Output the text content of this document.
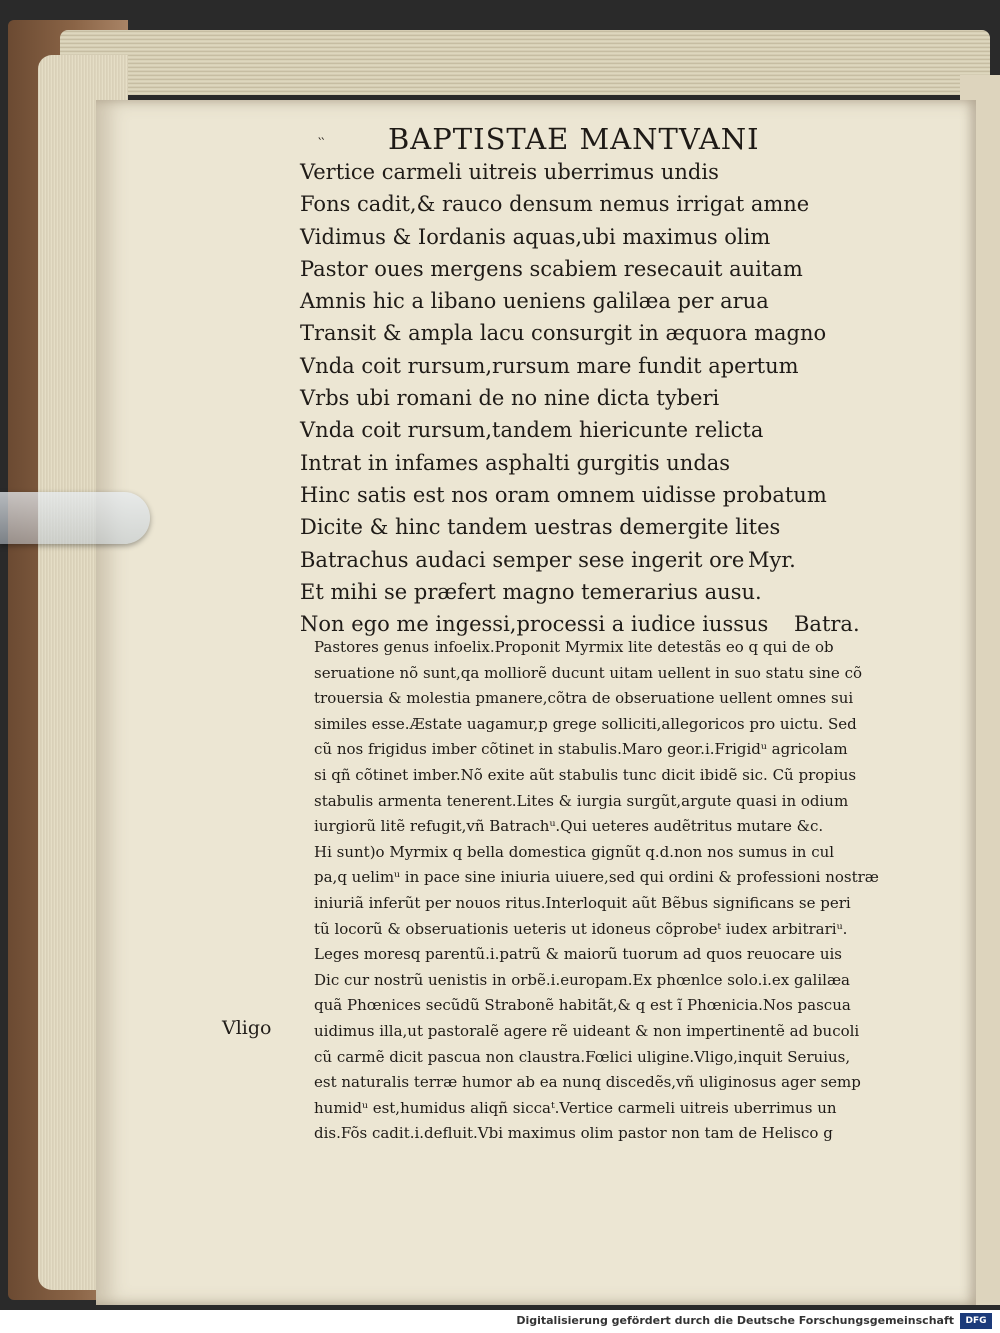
‵‵ BAPTISTAE MANTVANI
Vertice carmeli uitreis uberrimus undis
Fons cadit,& rauco densum nemus irrigat amne
Vidimus & Iordanis aquas,ubi maximus olim
Pastor oues mergens scabiem resecauit auitam
Amnis hic a libano ueniens galilæa per arua
Transit & ampla lacu consurgit in æquora magno
Vnda coit rursum,rursum mare fundit apertum
Vrbs ubi romani de no nine dicta tyberi
Vnda coit rursum,tandem hiericunte relicta
Intrat in infames asphalti gurgitis undas
Hinc satis est nos oram omnem uidisse probatum
Dicite & hinc tandem uestras demergite lites
Batrachus audaci semper sese ingerit ore Myr.
Et mihi se præfert magno temerarius ausu.
Non ego me ingessi,processi a iudice iussus Batra.
Pastores genus infoelix.Proponit Myrmix lite detestãs eo q qui de ob
seruatione nõ sunt,qa molliorẽ ducunt uitam uellent in suo statu sine cõ
trouersia & molestia pmanere,cõtra de obseruatione uellent omnes sui
similes esse.Æstate uagamur,p grege solliciti,allegoricos pro uictu. Sed
cũ nos frigidus imber cõtinet in stabulis.Maro geor.i.Frigidᵘ agricolam
si qñ cõtinet imber.Nõ exite aũt stabulis tunc dicit ibidẽ sic. Cũ propius
stabulis armenta tenerent.Lites & iurgia surgũt,argute quasi in odium
iurgiorũ litẽ refugit,vñ Batrachᵘ.Qui ueteres audẽtritus mutare &c.
Hi sunt)o Myrmix q bella domestica gignũt q.d.non nos sumus in cul
pa,q uelimᵘ in pace sine iniuria uiuere,sed qui ordini & professioni nostræ
iniuriã inferũt per nouos ritus.Interloquit aũt Bẽbus significans se peri
tũ locorũ & obseruationis ueteris ut idoneus cõprobeᵗ iudex arbitrariᵘ.
Leges moresq parentũ.i.patrũ & maiorũ tuorum ad quos reuocare uis
Dic cur nostrũ uenistis in orbẽ.i.europam.Ex phœnlce solo.i.ex galilæa
quã Phœnices secũdũ Strabonẽ habitãt,& q est ĩ Phœnicia.Nos pascua
uidimus illa,ut pastoralẽ agere rẽ uideant & non impertinentẽ ad bucoli
cũ carmẽ dicit pascua non claustra.Fœlici uligine.Vligo,inquit Seruius,
est naturalis terræ humor ab ea nunq discedẽs,vñ uliginosus ager semp
humidᵘ est,humidus aliqñ siccaᵗ.Vertice carmeli uitreis uberrimus un
dis.Fõs cadit.i.defluit.Vbi maximus olim pastor non tam de Helisco g
Vligo
Digitalisierung gefördert durch die Deutsche Forschungsgemeinschaft	DFG
